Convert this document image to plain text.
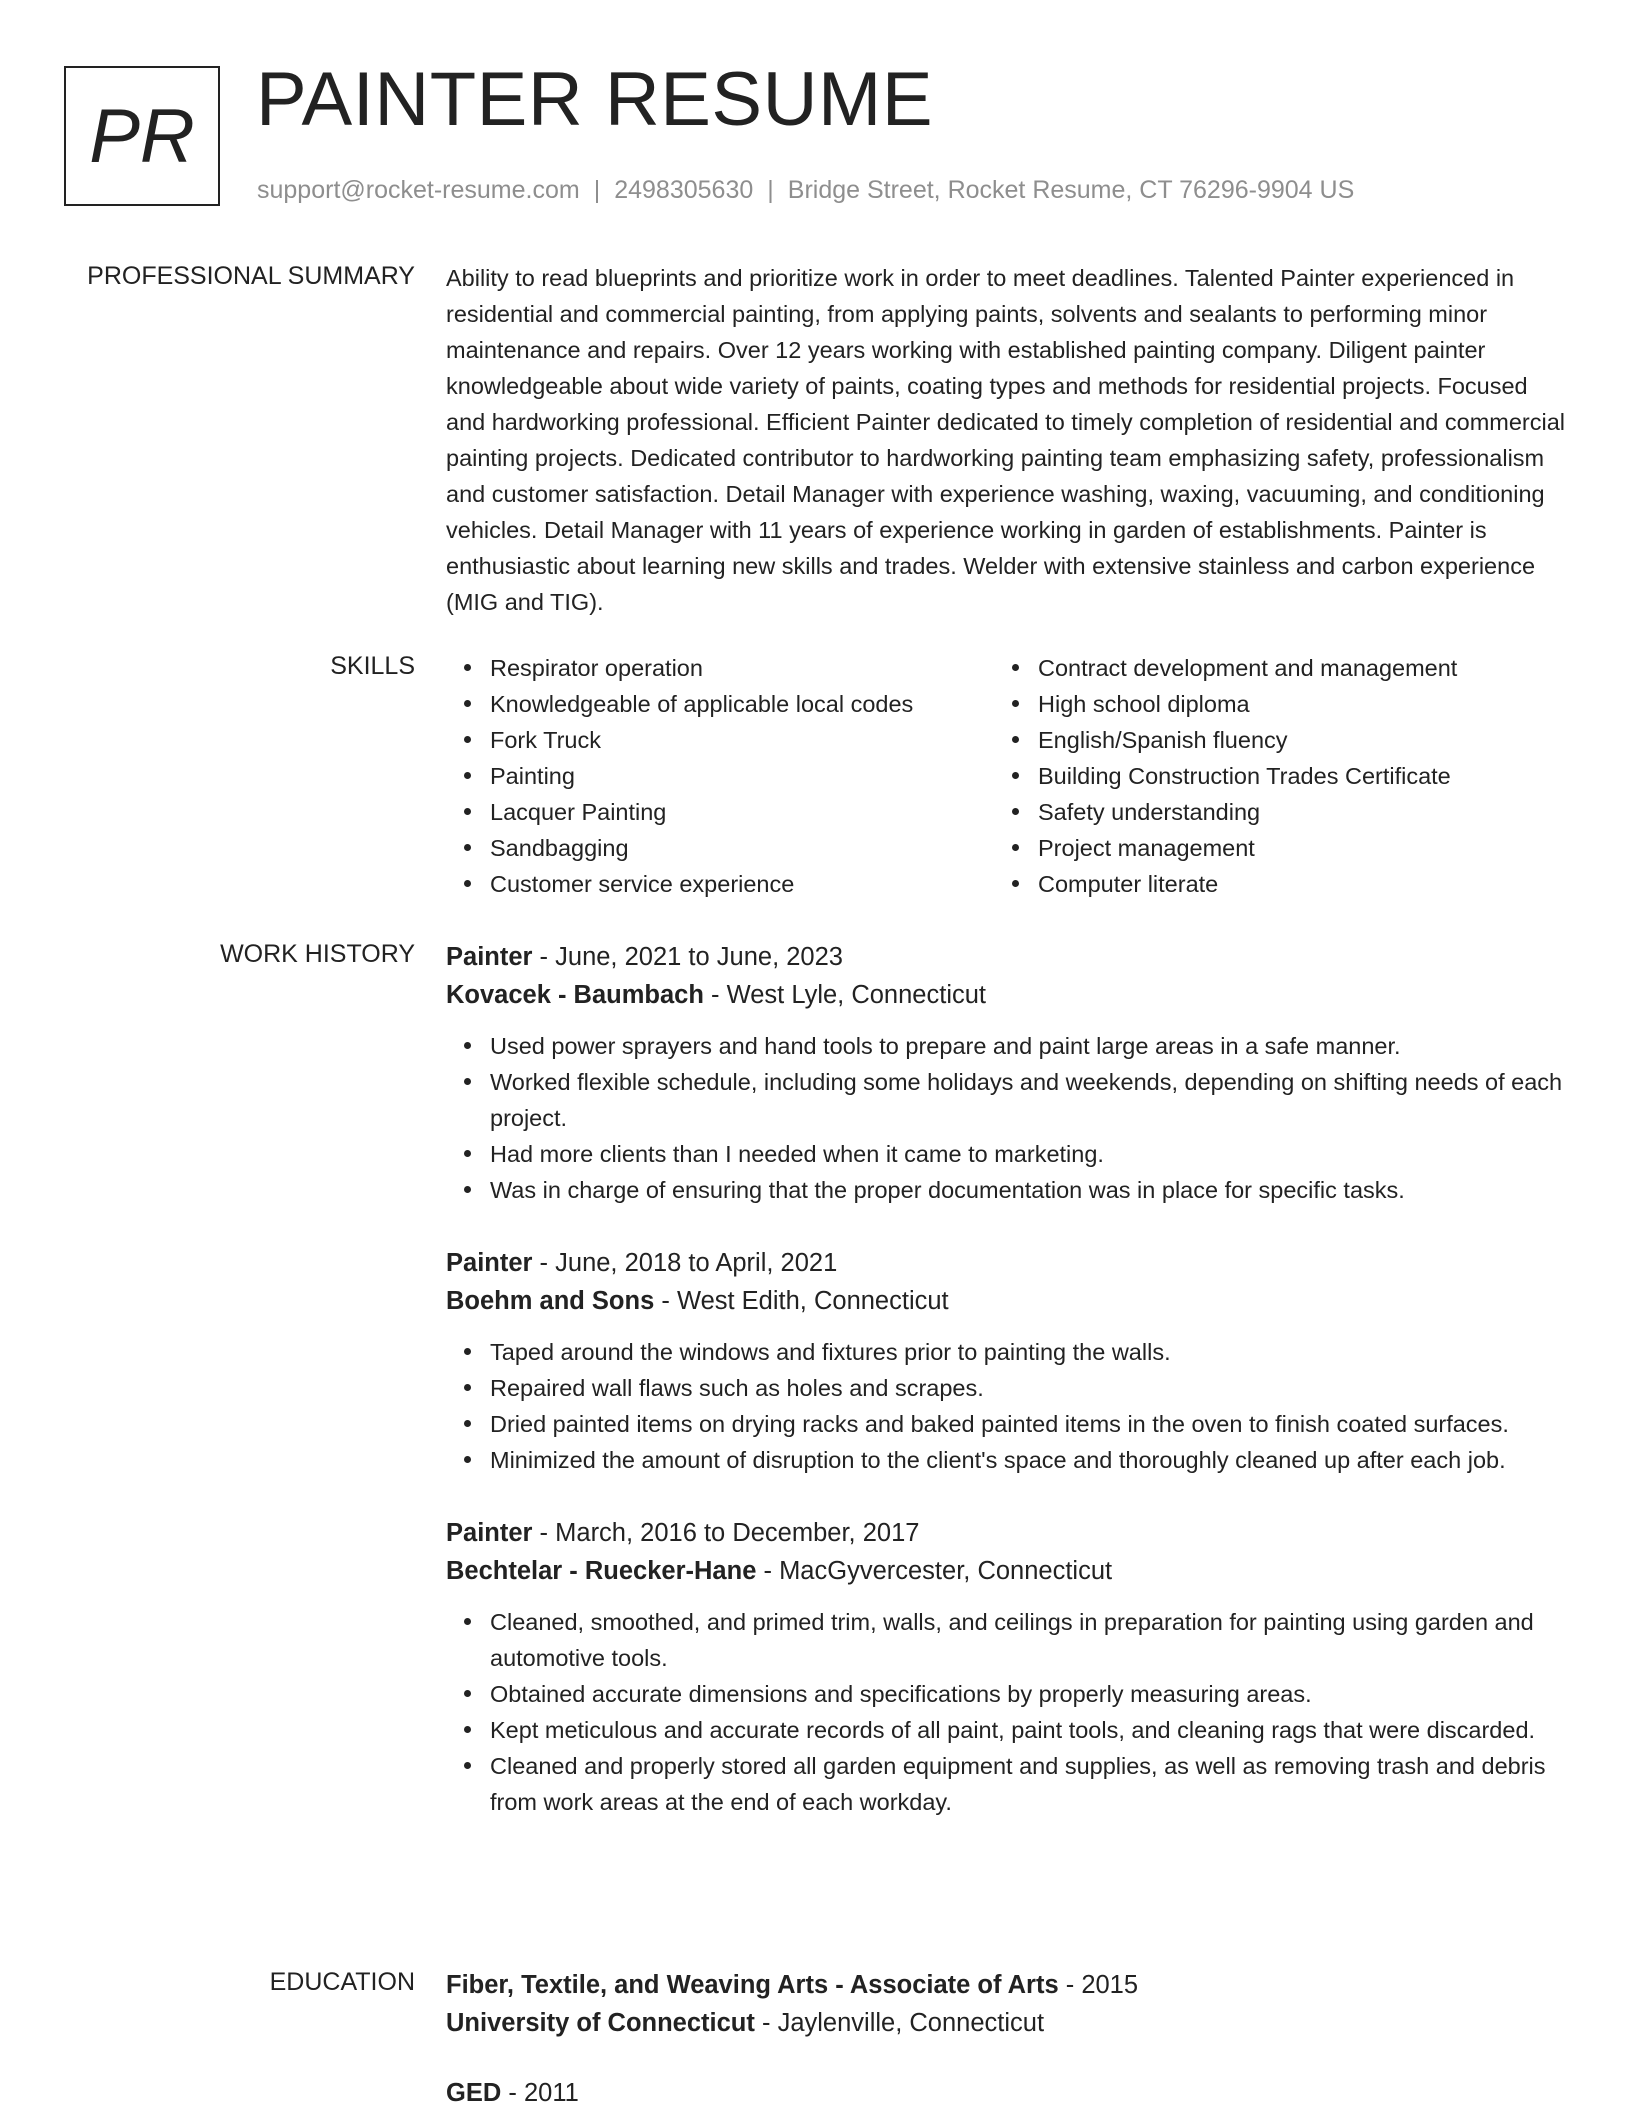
PR PAINTER RESUME
support@rocket-resume.com | 2498305630 | Bridge Street, Rocket Resume, CT 76296-9904 US
PROFESSIONAL SUMMARY Ability to read blueprints and prioritize work in order to meet deadlines. Talented Painter experienced in residential and commercial painting, from applying paints, solvents and sealants to performing minor maintenance and repairs. Over 12 years working with established painting company. Diligent painter knowledgeable about wide variety of paints, coating types and methods for residential projects. Focused and hardworking professional. Efficient Painter dedicated to timely completion of residential and commercial painting projects. Dedicated contributor to hardworking painting team emphasizing safety, professionalism and customer satisfaction. Detail Manager with experience washing, waxing, vacuuming, and conditioning vehicles. Detail Manager with 11 years of experience working in garden of establishments. Painter is enthusiastic about learning new skills and trades. Welder with extensive stainless and carbon experience (MIG and TIG).

SKILLS	Respirator operation
Knowledgeable of applicable local codes
Fork Truck
Painting
Lacquer Painting
Sandbagging
Customer service experience
Contract development and management
High school diploma
English/Spanish fluency
Building Construction Trades Certificate
Safety understanding
Project management
Computer literate
WORK HISTORY Painter - June, 2021 to June, 2023
Kovacek - Baumbach - West Lyle, Connecticut
Used power sprayers and hand tools to prepare and paint large areas in a safe manner.
Worked flexible schedule, including some holidays and weekends, depending on shifting needs of each project.
Had more clients than I needed when it came to marketing.
Was in charge of ensuring that the proper documentation was in place for specific tasks.
Painter - June, 2018 to April, 2021
Boehm and Sons - West Edith, Connecticut
Taped around the windows and fixtures prior to painting the walls.
Repaired wall flaws such as holes and scrapes.
Dried painted items on drying racks and baked painted items in the oven to finish coated surfaces.
Minimized the amount of disruption to the client's space and thoroughly cleaned up after each job.
Painter - March, 2016 to December, 2017
Bechtelar - Ruecker-Hane - MacGyvercester, Connecticut
Cleaned, smoothed, and primed trim, walls, and ceilings in preparation for painting using garden and automotive tools.
Obtained accurate dimensions and specifications by properly measuring areas.
Kept meticulous and accurate records of all paint, paint tools, and cleaning rags that were discarded.
Cleaned and properly stored all garden equipment and supplies, as well as removing trash and debris from work areas at the end of each workday.
EDUCATION Fiber, Textile, and Weaving Arts - Associate of Arts - 2015
University of Connecticut - Jaylenville, Connecticut
GED - 2011
